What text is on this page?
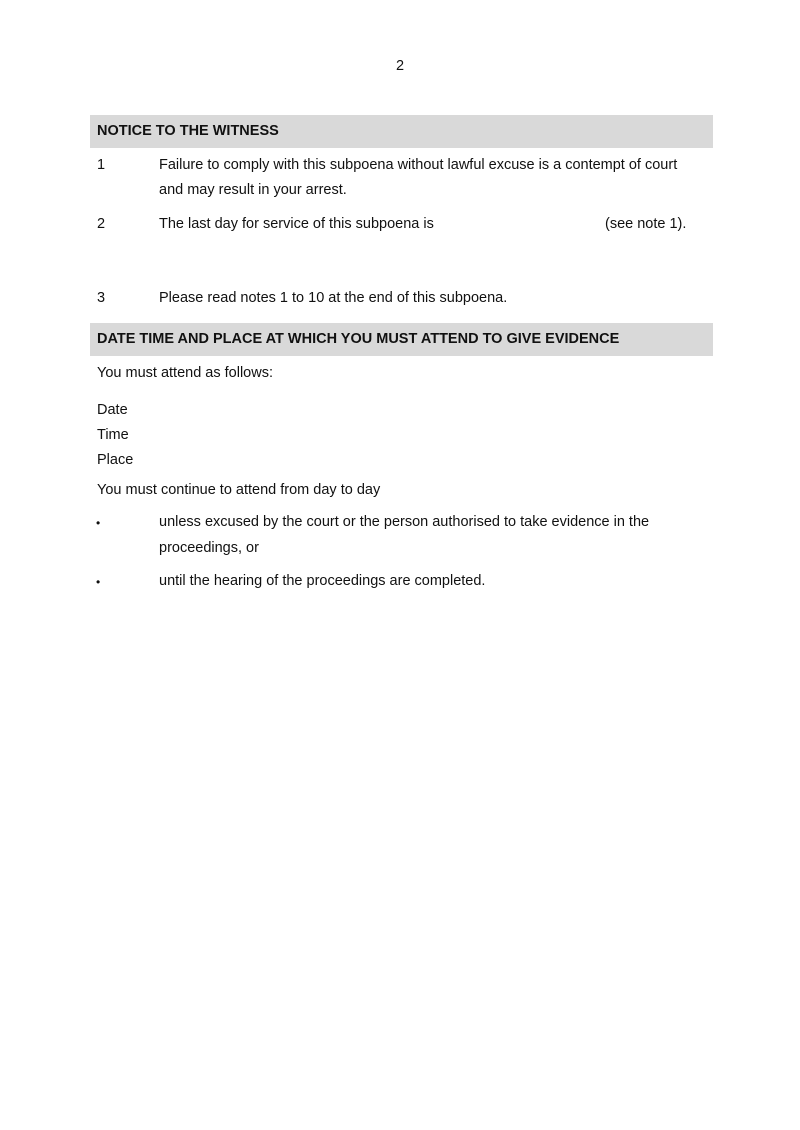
2
NOTICE TO THE WITNESS
1	Failure to comply with this subpoena without lawful excuse is a contempt of court
and may result in your arrest.
2	The last day for service of this subpoena is	(see note 1).
3	Please read notes 1 to 10 at the end of this subpoena.
DATE TIME AND PLACE AT WHICH YOU MUST ATTEND TO GIVE EVIDENCE
You must attend as follows:
Date
Time
Place
You must continue to attend from day to day
•	unless excused by the court or the person authorised to take evidence in the
proceedings, or
•	until the hearing of the proceedings are completed.
